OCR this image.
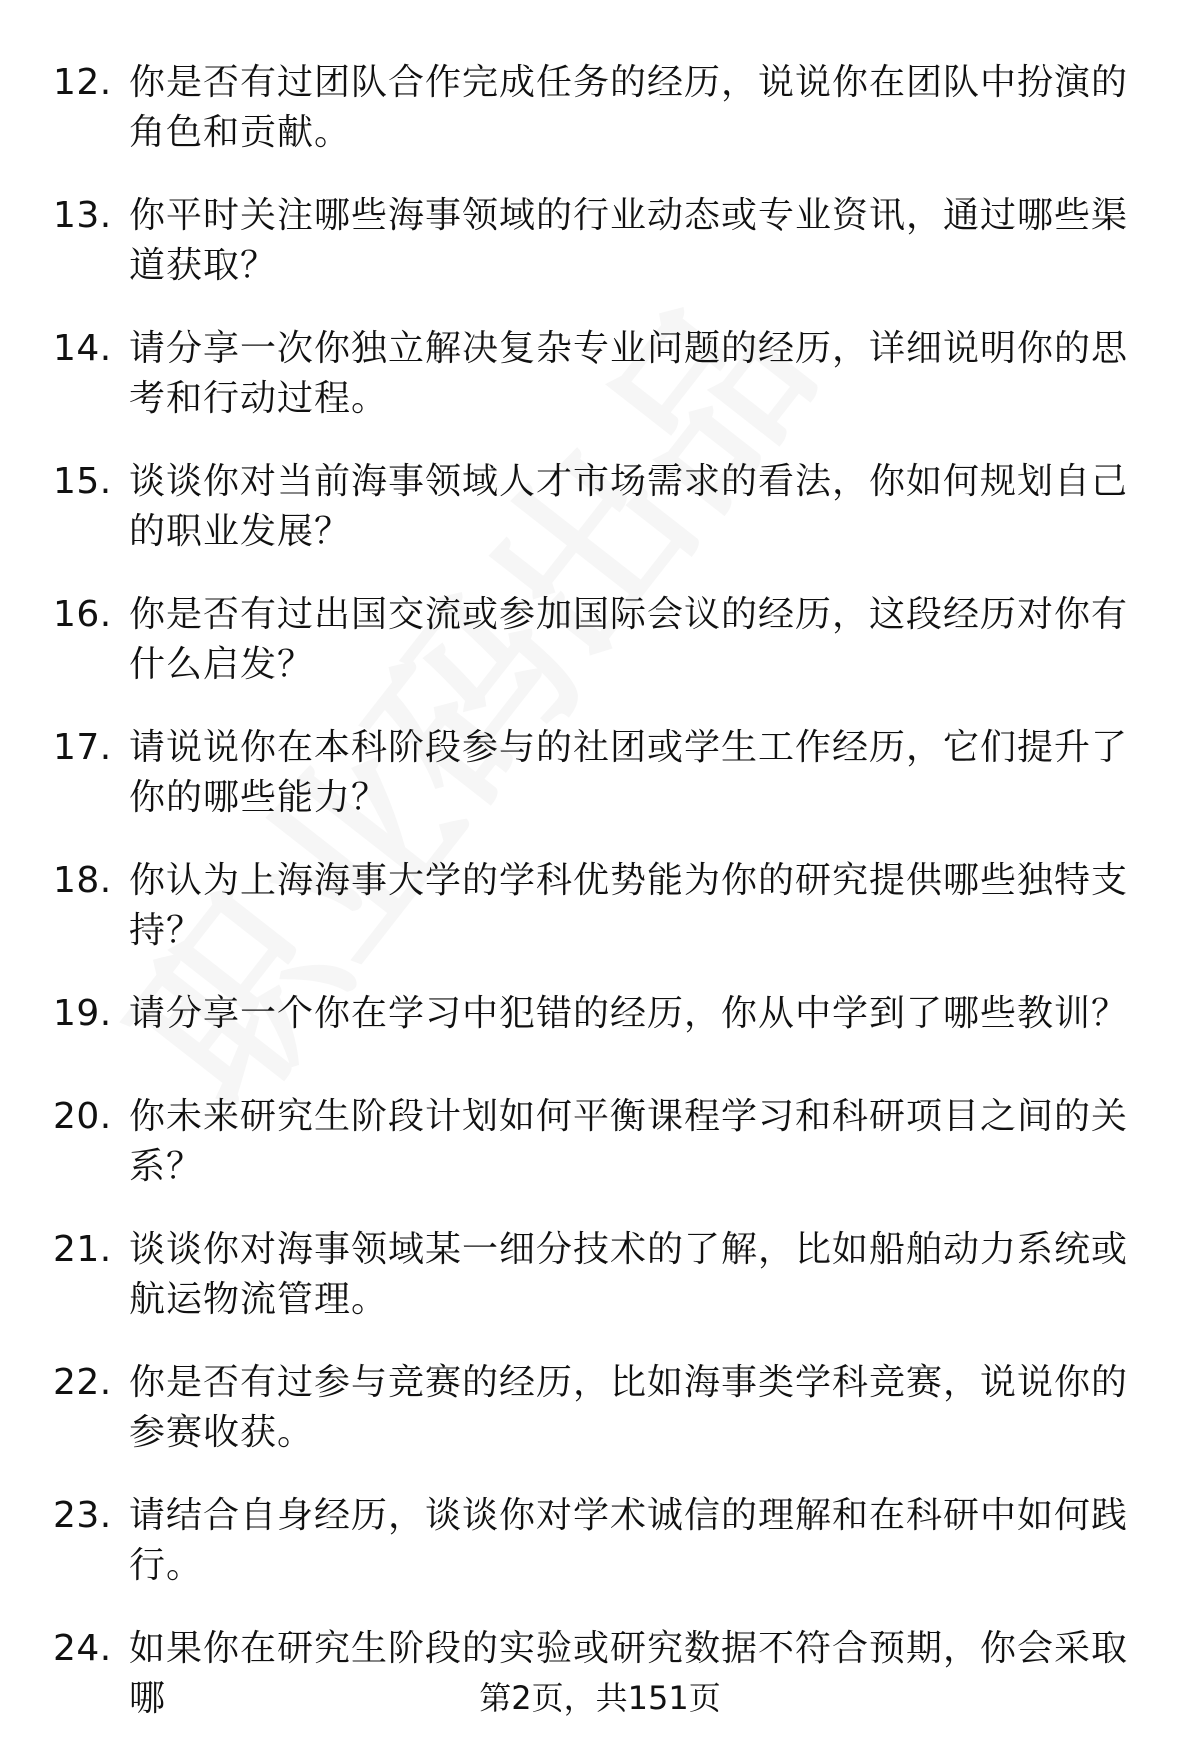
12. 你是否有过团队合作完成任务的经历，说说你在团队中扮演的角色和贡献。
13. 你平时关注哪些海事领域的行业动态或专业资讯，通过哪些渠道获取？
14. 请分享一次你独立解决复杂专业问题的经历，详细说明你的思考和行动过程。
15. 谈谈你对当前海事领域人才市场需求的看法，你如何规划自己的职业发展？
16. 你是否有过出国交流或参加国际会议的经历，这段经历对你有什么启发？
17. 请说说你在本科阶段参与的社团或学生工作经历，它们提升了你的哪些能力？
18. 你认为上海海事大学的学科优势能为你的研究提供哪些独特支持？
19. 请分享一个你在学习中犯错的经历，你从中学到了哪些教训？
20. 你未来研究生阶段计划如何平衡课程学习和科研项目之间的关系？
21. 谈谈你对海事领域某一细分技术的了解，比如船舶动力系统或航运物流管理。
22. 你是否有过参与竞赛的经历，比如海事类学科竞赛，说说你的参赛收获。
23. 请结合自身经历，谈谈你对学术诚信的理解和在科研中如何践行。
24. 如果你在研究生阶段的实验或研究数据不符合预期，你会采取哪	第2页，共151页
